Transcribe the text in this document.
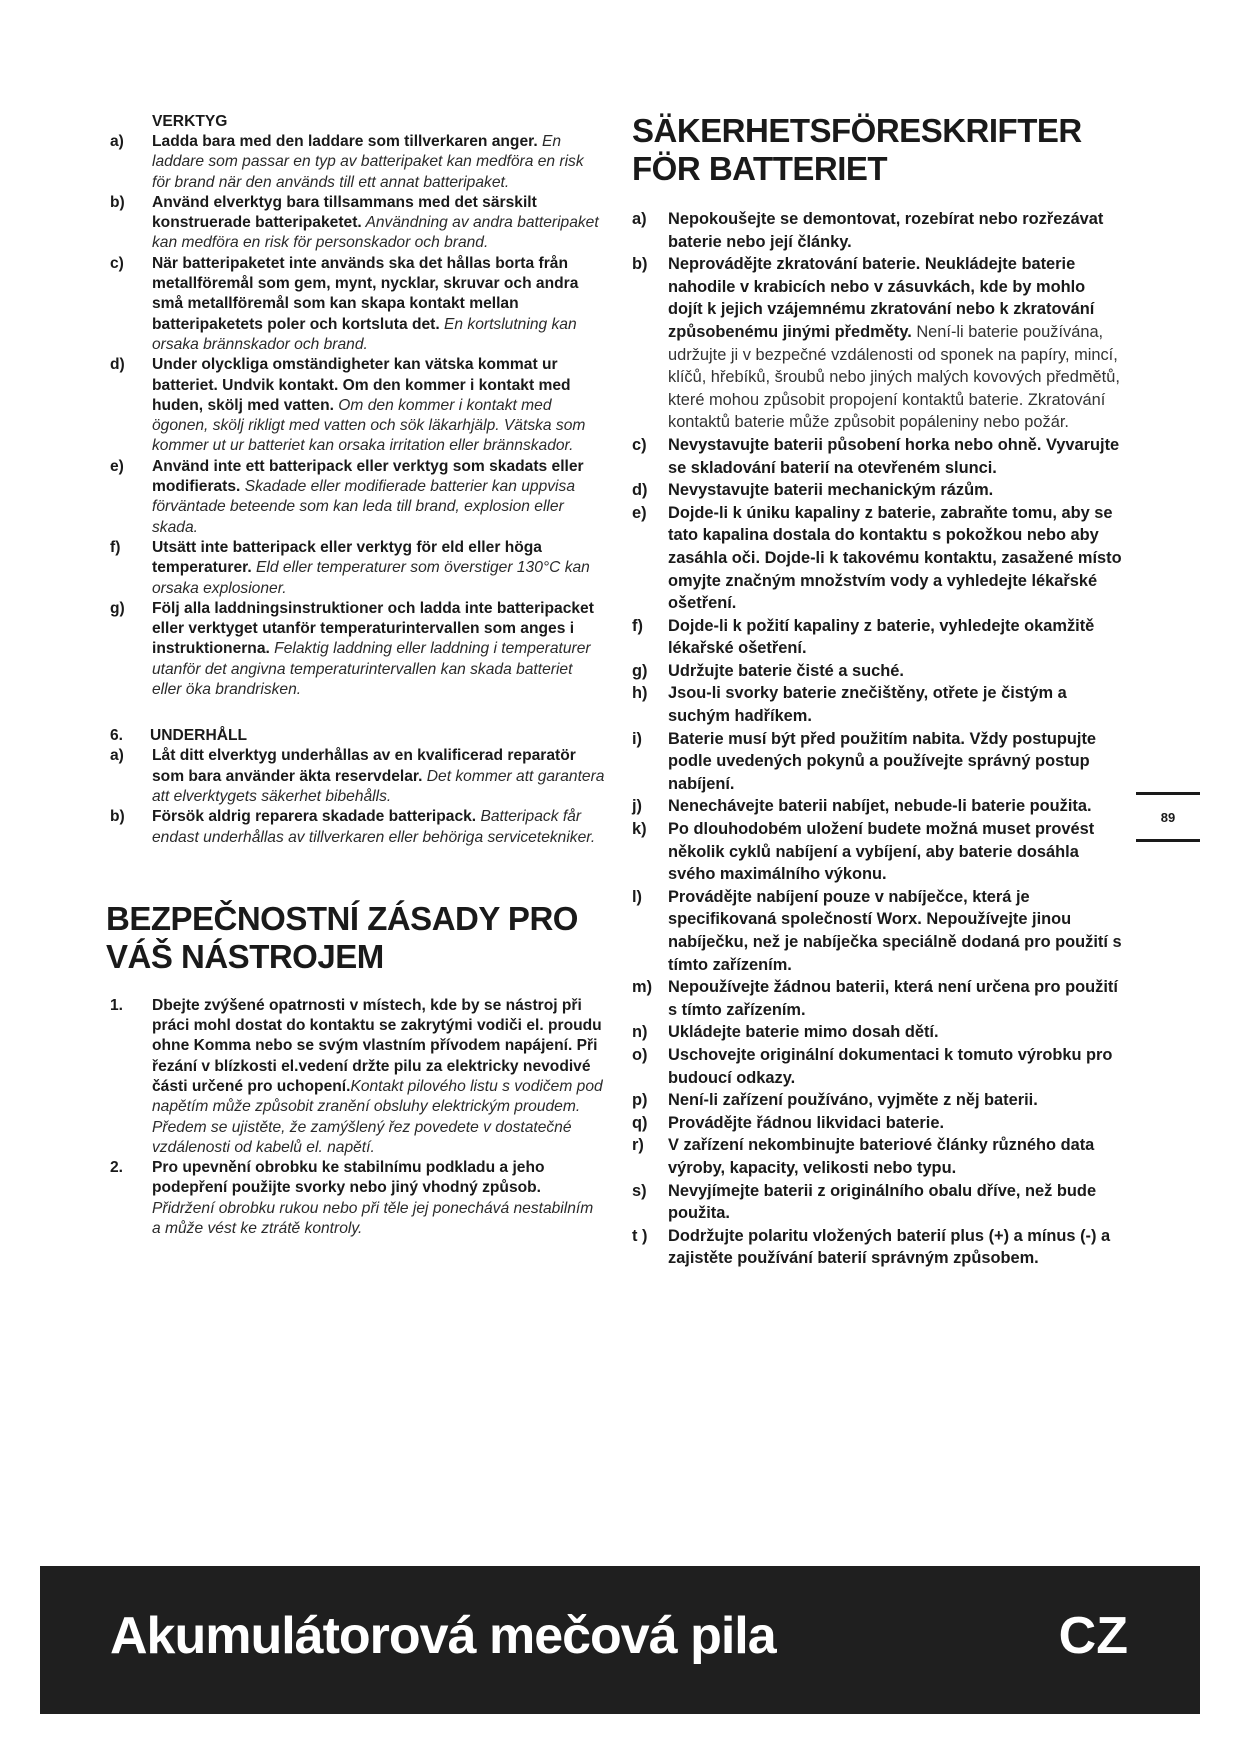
VERKTYG

a) Ladda bara med den laddare som tillverkaren anger. En laddare som passar en typ av batteripaket kan medföra en risk för brand när den används till ett annat batteripaket.

b) Använd elverktyg bara tillsammans med det särskilt konstruerade batteripaketet. Användning av andra batteripaket kan medföra en risk för personskador och brand.

c) När batteripaketet inte används ska det hållas borta från metallföremål som gem, mynt, nycklar, skruvar och andra små metallföremål som kan skapa kontakt mellan batteripaketets poler och kortsluta det. En kortslutning kan orsaka brännskador och brand.

d) Under olyckliga omständigheter kan vätska kommat ur batteriet. Undvik kontakt. Om den kommer i kontakt med huden, skölj med vatten. Om den kommer i kontakt med ögonen, skölj rikligt med vatten och sök läkarhjälp. Vätska som kommer ut ur batteriet kan orsaka irritation eller brännskador.

e) Använd inte ett batteripack eller verktyg som skadats eller modifierats. Skadade eller modifierade batterier kan uppvisa förväntade beteende som kan leda till brand, explosion eller skada.

f) Utsätt inte batteripack eller verktyg för eld eller höga temperaturer. Eld eller temperaturer som överstiger 130°C kan orsaka explosioner.

g) Följ alla laddningsinstruktioner och ladda inte batteripacket eller verktyget utanför temperaturintervallen som anges i instruktionerna. Felaktig laddning eller laddning i temperaturer utanför det angivna temperaturintervallen kan skada batteriet eller öka brandrisken.

6. UNDERHÅLL

a) Låt ditt elverktyg underhållas av en kvalificerad reparatör som bara använder äkta reservdelar. Det kommer att garantera att elverktygets säkerhet bibehålls.

b) Försök aldrig reparera skadade batteripack. Batteripack får endast underhållas av tillverkaren eller behöriga servicetekniker.

BEZPEČNOSTNÍ ZÁSADY PRO VÁŠ NÁSTROJEM

1. Dbejte zvýšené opatrnosti v místech, kde by se nástroj při práci mohl dostat do kontaktu se zakrytými vodiči el. proudu ohne Komma nebo se svým vlastním přívodem napájení. Při řezání v blízkosti el.vedení držte pilu za elektricky nevodivé části určené pro uchopení.Kontakt pilového listu s vodičem pod napětím může způsobit zranění obsluhy elektrickým proudem. Předem se ujistěte, že zamýšlený řez povedete v dostatečné vzdálenosti od kabelů el. napětí.

2. Pro upevnění obrobku ke stabilnímu podkladu a jeho podepření použijte svorky nebo jiný vhodný způsob. Přidržení obrobku rukou nebo při těle jej ponechává nestabilním a může vést ke ztrátě kontroly.

SÄKERHETSFÖRESKRIFTER FÖR BATTERIET

a) Nepokoušejte se demontovat, rozebírat nebo rozřezávat baterie nebo její články.

b) Neprovádějte zkratování baterie. Neukládejte baterie nahodile v krabicích nebo v zásuvkách, kde by mohlo dojít k jejich vzájemnému zkratování nebo k zkratování způsobenému jinými předměty. Není-li baterie používána, udržujte ji v bezpečné vzdálenosti od sponek na papíry, mincí, klíčů, hřebíků, šroubů nebo jiných malých kovových předmětů, které mohou způsobit propojení kontaktů baterie. Zkratování kontaktů baterie může způsobit popáleniny nebo požár.

c) Nevystavujte baterii působení horka nebo ohně. Vyvarujte se skladování baterií na otevřeném slunci.

d) Nevystavujte baterii mechanickým rázům.

e) Dojde-li k úniku kapaliny z baterie, zabraňte tomu, aby se tato kapalina dostala do kontaktu s pokožkou nebo aby zasáhla oči. Dojde-li k takovému kontaktu, zasažené místo omyjte značným množstvím vody a vyhledejte lékařské ošetření.

f) Dojde-li k požití kapaliny z baterie, vyhledejte okamžitě lékařské ošetření.

g) Udržujte baterie čisté a suché.

h) Jsou-li svorky baterie znečištěny, otřete je čistým a suchým hadříkem.

i) Baterie musí být před použitím nabita. Vždy postupujte podle uvedených pokynů a používejte správný postup nabíjení.

j) Nenechávejte baterii nabíjet, nebude-li baterie použita.

k) Po dlouhodobém uložení budete možná muset provést několik cyklů nabíjení a vybíjení, aby baterie dosáhla svého maximálního výkonu.

l) Provádějte nabíjení pouze v nabíječce, která je specifikovaná společností Worx. Nepoužívejte jinou nabíječku, než je nabíječka speciálně dodaná pro použití s tímto zařízením.

m) Nepoužívejte žádnou baterii, která není určena pro použití s tímto zařízením.

n) Ukládejte baterie mimo dosah dětí.

o) Uschovejte originální dokumentaci k tomuto výrobku pro budoucí odkazy.

p) Není-li zařízení používáno, vyjměte z něj baterii.

q) Provádějte řádnou likvidaci baterie.

r) V zařízení nekombinujte bateriové články různého data výroby, kapacity, velikosti nebo typu.

s) Nevyjímejte baterii z originálního obalu dříve, než bude použita.

t ) Dodržujte polaritu vložených baterií plus (+) a mínus (-) a zajistěte používání baterií správným způsobem.

89
Akumulátorová mečová pila	CZ
